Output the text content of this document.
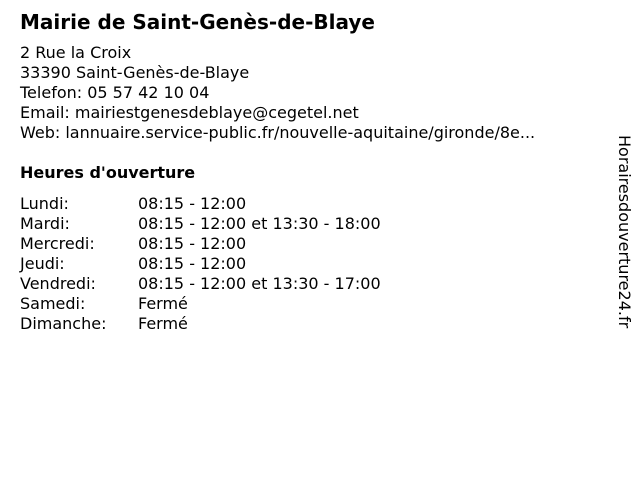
Mairie de Saint-Genès-de-Blaye
2 Rue la Croix
33390 Saint-Genès-de-Blaye
Telefon: 05 57 42 10 04
Email: mairiestgenesdeblaye@cegetel.net
Web: lannuaire.service-public.fr/nouvelle-aquitaine/gironde/8e...
Heures d'ouverture
Lundi:	08:15 - 12:00
Mardi:	08:15 - 12:00 et 13:30 - 18:00
Mercredi:	08:15 - 12:00
Jeudi:	08:15 - 12:00
Vendredi:	08:15 - 12:00 et 13:30 - 17:00
Samedi:	Fermé
Dimanche: Fermé	Horairesdouverture24.fr
